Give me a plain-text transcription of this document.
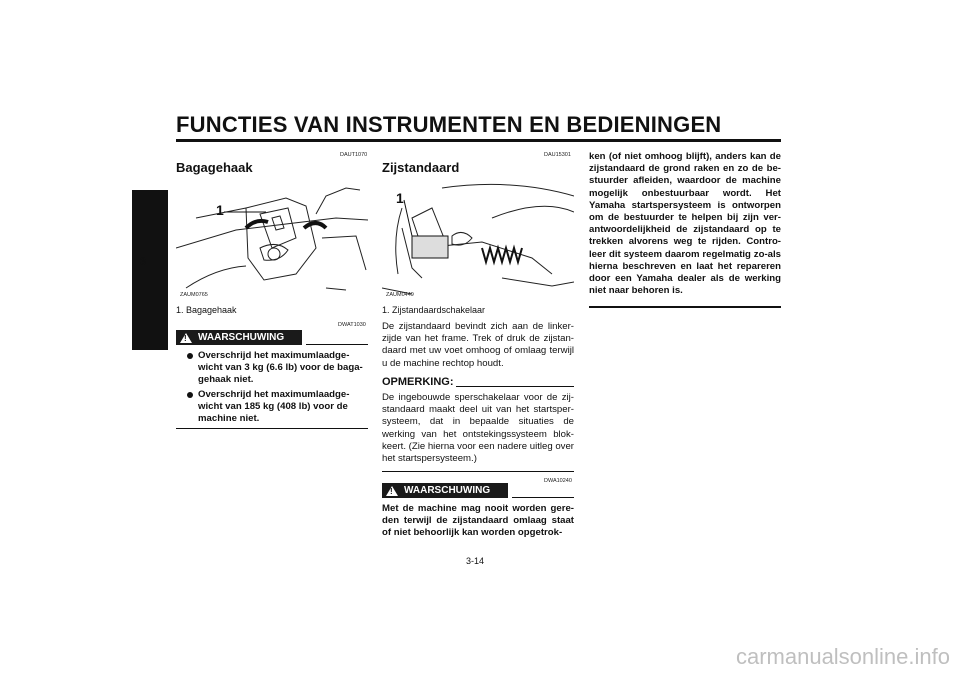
FUNCTIES VAN INSTRUMENTEN EN BEDIENINGEN
3
DAUT1070
Bagagehaak
1
ZAUM0765
1. Bagagehaak
DWAT1030
! WAARSCHUWING
Overschrijd het maximumlaadge-wicht van 3 kg (6.6 lb) voor de baga-gehaak niet.
Overschrijd het maximumlaadge-wicht van 185 kg (408 lb) voor de machine niet.
DAU15301
Zijstandaard
1
ZAUM0449
1. Zijstandaardschakelaar
De zijstandaard bevindt zich aan de linker-zijde van het frame. Trek of druk de zijstan-daard met uw voet omhoog of omlaag terwijl u de machine rechtop houdt.
OPMERKING:
De ingebouwde sperschakelaar voor de zij-standaard maakt deel uit van het startsper-systeem, dat in bepaalde situaties de werking van het ontstekingssysteem blok-keert. (Zie hierna voor een nadere uitleg over het startspersysteem.)
DWA10240
! WAARSCHUWING
Met de machine mag nooit worden gere-den terwijl de zijstandaard omlaag staat of niet behoorlijk kan worden opgetrok-
ken (of niet omhoog blijft), anders kan de zijstandaard de grond raken en zo de be-stuurder afleiden, waardoor de machine mogelijk onbestuurbaar wordt. Het Yamaha startspersysteem is ontworpen om de bestuurder te helpen bij zijn ver-antwoordelijkheid de zijstandaard op te trekken alvorens weg te rijden. Contro-leer dit systeem daarom regelmatig zo-als hierna beschreven en laat het repareren door een Yamaha dealer als de werking niet naar behoren is.
3-14
carmanualsonline.info
